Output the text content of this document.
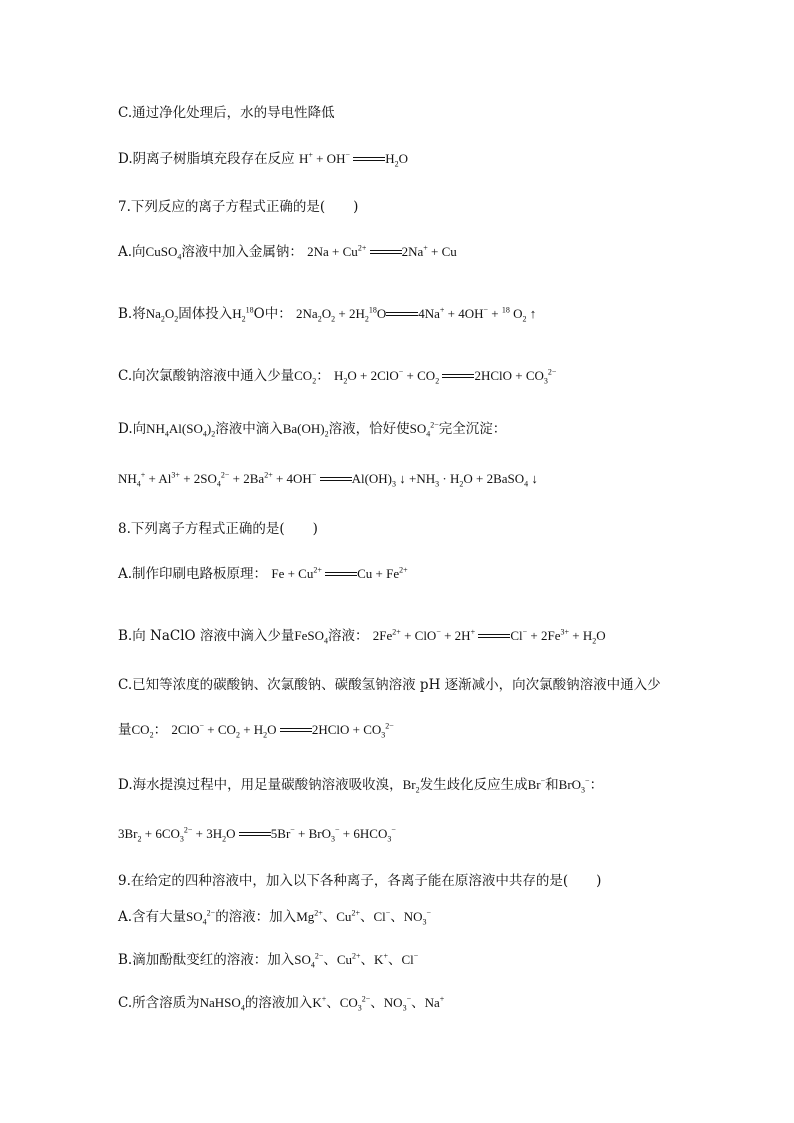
C.通过净化处理后，水的导电性降低
D.阴离子树脂填充段存在反应 H+ + OH−	$H_2O$
7.下列反应的离子方程式正确的是( )
A.向CuSO$_4$溶液中加入金属钠： $2Na + Cu^{2+}$	2Na+ + Cu
B.将$Na_2O_2$固体投入$H_2^{18}O$中： $2Na_2O_2 + 2H_2^{18}O$ 4Na+ + 4OH− + $^{18}$ $O_2$ ↑
C.向次氯酸钠溶液中通入少量$CO_2$： $H_2O + 2ClO^- + CO_2$	2HClO + $CO_3^{2-}$
D.向$NH_4Al(SO_4)_2$溶液中滴入$Ba(OH)_2$溶液，恰好使$SO_4^{2-}$完全沉淀：
$NH_4^+ + Al^{3+} + 2SO_4^{2-} + 2Ba^{2+} + 4OH^-$	$Al(OH)_3$ ↓ $+NH_3 \cdot H_2O$ + 2BaSO$_4$ ↓
8.下列离子方程式正确的是( )
A.制作印刷电路板原理： $Fe + Cu^{2+}$	$Cu + Fe^{2+}$
B.向 NaClO 溶液中滴入少量FeSO$_4$溶液： $2Fe^{2+} + ClO^- + 2H^+$	$Cl^- + 2Fe^{3+} + H_2O$
C.已知等浓度的碳酸钠、次氯酸钠、碳酸氢钠溶液 pH 逐渐减小，向次氯酸钠溶液中通入少
量$CO_2$： $2ClO^- + CO_2 + H_2O$ 2HClO + $CO_3^{2-}$
D.海水提溴过程中，用足量碳酸钠溶液吸收溴，$Br_2$发生歧化反应生成Br−和BrO$_3$−：
$3Br_2 + 6CO_3^{2-} + 3H_2O$ $5Br^- + BrO_3^- + 6HCO_3^-$
9.在给定的四种溶液中，加入以下各种离子，各离子能在原溶液中共存的是( )
A.含有大量$SO_4^{2-}$的溶液：加入$Mg^{2+}$、$Cu^{2+}$、Cl−、$NO_3^-$
B.滴加酚酞变红的溶液：加入$SO_4^{2-}$、$Cu^{2+}$、K+、Cl−
C.所含溶质为NaHSO$_4$的溶液加入K+、$CO_3^{2-}$、$NO_3^-$、Na+
